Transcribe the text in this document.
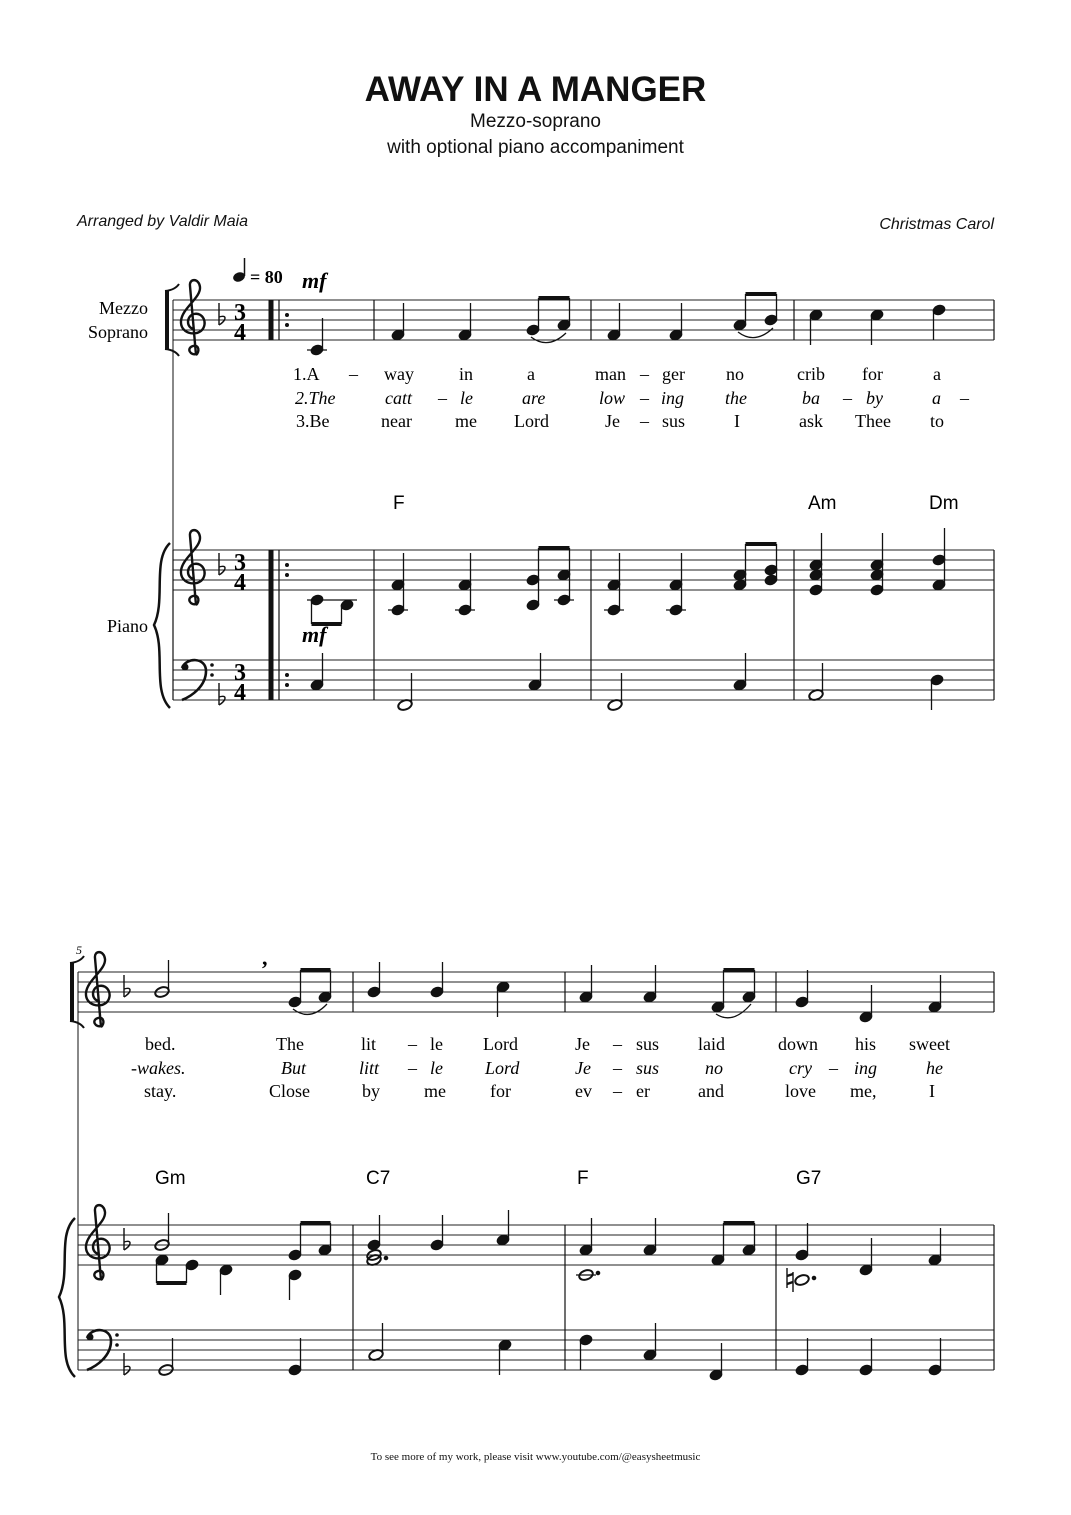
AWAY IN A MANGER
Mezzo-soprano
with optional piano accompaniment
Arranged by Valdir Maia	Christmas Carol
= 80 mf
Mezzo
Soprano
Piano
3
4
1.A – way	in	a	man – ger no	crib for	a
2.The	catt – le	are	low – ing the	ba – by	a –
3.Be	near me Lord	Je – sus	I	ask Thee to
F	Am	Dm
3
4
3
4
mf
5	,
bed.	The	lit – le Lord	Je – sus laid	down his sweet
-wakes.	But	litt – le Lord	Je – sus	no	cry – ing	he
stay.	Close	by me for	ev – er	and	love me,	I
Gm	C7	F	G7
To see more of my work, please visit www.youtube.com/@easysheetmusic
